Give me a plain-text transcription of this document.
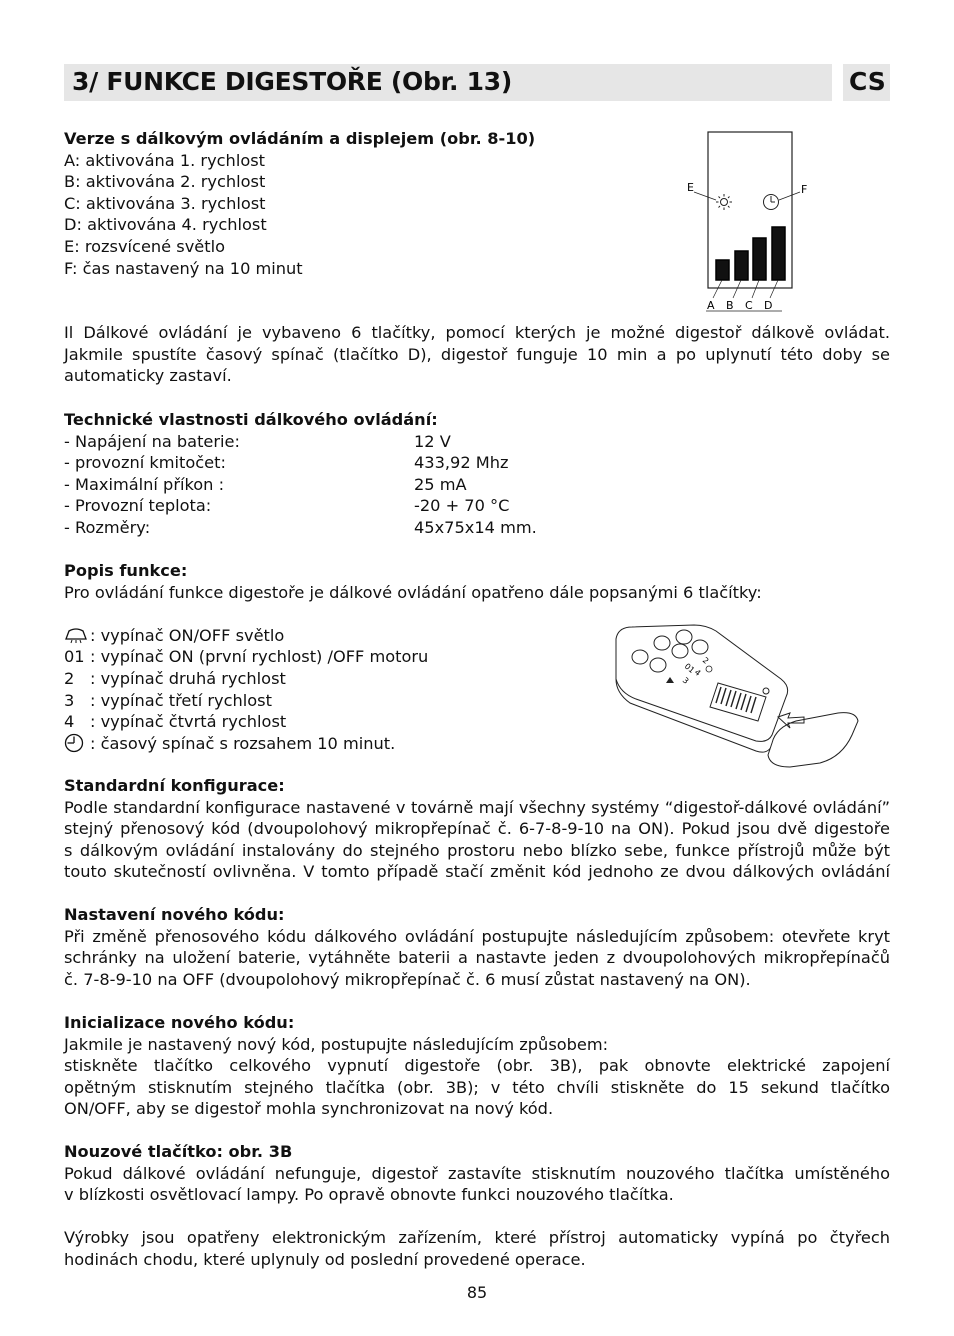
3/ FUNKCE DIGESTOŘE (Obr. 13)	CS

Verze s dálkovým ovládáním a displejem (obr. 8-10)

A: aktivována 1. rychlost

B: aktivována 2. rychlost

C: aktivována 3. rychlost

D: aktivována 4. rychlost

E: rozsvícené světlo

F: čas nastavený na 10 minut

E	F
A B C D

Il Dálkové ovládání je vybaveno 6 tlačítky, pomocí kterých je možné digestoř dálkově ovládat.

Jakmile spustíte časový spínač (tlačítko D), digestoř funguje 10 min a po uplynutí této doby se

automaticky zastaví.

Technické vlastnosti dálkového ovládání:

- Napájení na baterie:	12 V
- provozní kmitočet:	433,92 Mhz
- Maximální příkon :	25 mA
- Provozní teplota:	-20 + 70 °C
- Rozměry:	45x75x14 mm.

Popis funkce:

Pro ovládání funkce digestoře je dálkové ovládání opatřeno dále popsanými 6 tlačítky:

: vypínač ON/OFF světlo
01 : vypínač ON (první rychlost) /OFF motoru
2 : vypínač druhá rychlost
3 : vypínač třetí rychlost
4 : vypínač čtvrtá rychlost
: časový spínač s rozsahem 10 minut.
01
2
3
4

Standardní konfigurace:

Podle standardní konfigurace nastavené v továrně mají všechny systémy “digestoř-dálkové ovládání”

stejný přenosový kód (dvoupolohový mikropřepínač č. 6-7-8-9-10 na ON). Pokud jsou dvě digestoře

s dálkovým ovládání instalovány do stejného prostoru nebo blízko sebe, funkce přístrojů může být

touto skutečností ovlivněna. V tomto případě stačí změnit kód jednoho ze dvou dálkových ovládání

Nastavení nového kódu:

Při změně přenosového kódu dálkového ovládání postupujte následujícím způsobem: otevřete kryt

schránky na uložení baterie, vytáhněte baterii a nastavte jeden z dvoupolohových mikropřepínačů

č. 7-8-9-10 na OFF (dvoupolohový mikropřepínač č. 6 musí zůstat nastavený na ON).

Inicializace nového kódu:

Jakmile je nastavený nový kód, postupujte následujícím způsobem:

stiskněte tlačítko celkového vypnutí digestoře (obr. 3B), pak obnovte elektrické zapojení

opětným stisknutím stejného tlačítka (obr. 3B); v této chvíli stiskněte do 15 sekund tlačítko

ON/OFF, aby se digestoř mohla synchronizovat na nový kód.

Nouzové tlačítko: obr. 3B

Pokud dálkové ovládání nefunguje, digestoř zastavíte stisknutím nouzového tlačítka umístěného

v blízkosti osvětlovací lampy. Po opravě obnovte funkci nouzového tlačítka.

Výrobky jsou opatřeny elektronickým zařízením, které přístroj automaticky vypíná po čtyřech

hodinách chodu, které uplynuly od poslední provedené operace.

85
